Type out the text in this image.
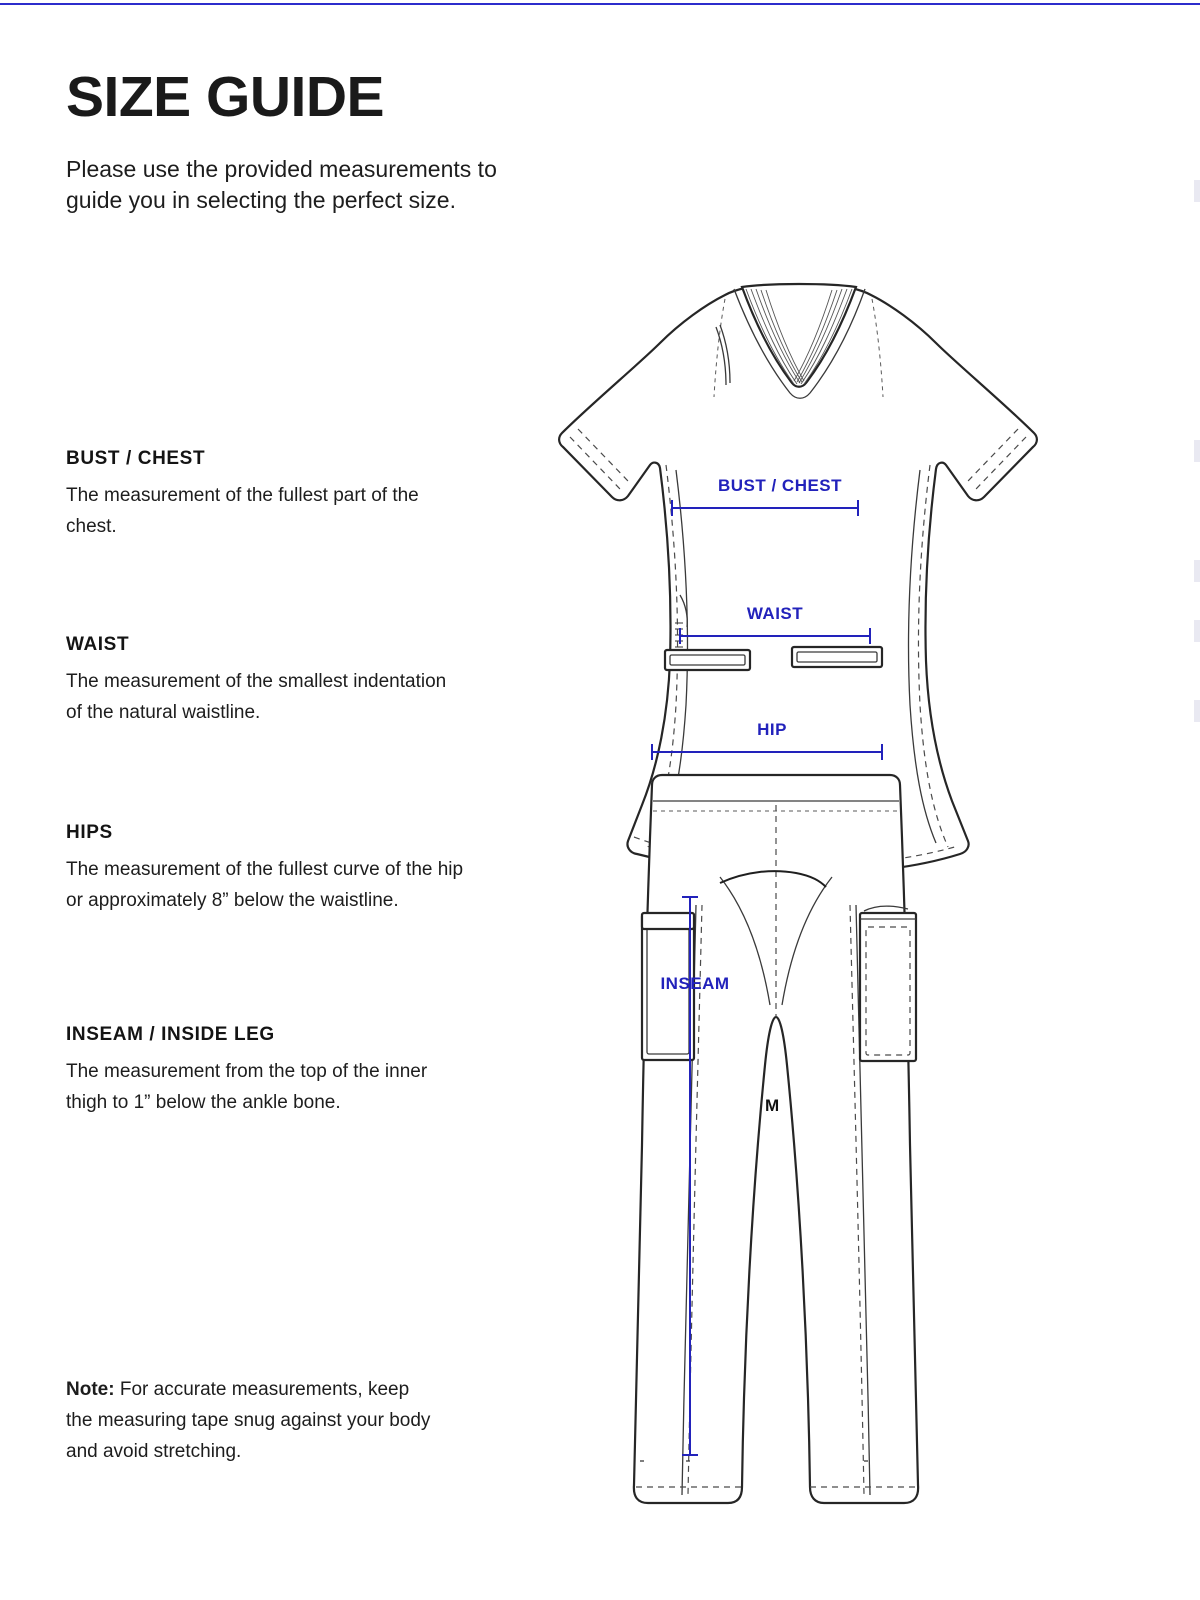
SIZE GUIDE

Please use the provided measurements to guide you in selecting the perfect size.

BUST / CHEST

The measurement of the fullest part of the chest.

WAIST

The measurement of the smallest indentation of the natural waistline.

HIPS

The measurement of the fullest curve of the hip or approximately 8” below the waistline.

INSEAM / INSIDE LEG

The measurement from the top of the inner thigh to 1” below the ankle bone.

Note: For accurate measurements, keep the measuring tape snug against your body and avoid stretching.
BUST / CHEST
WAIST
HIP
INSEAM
M
